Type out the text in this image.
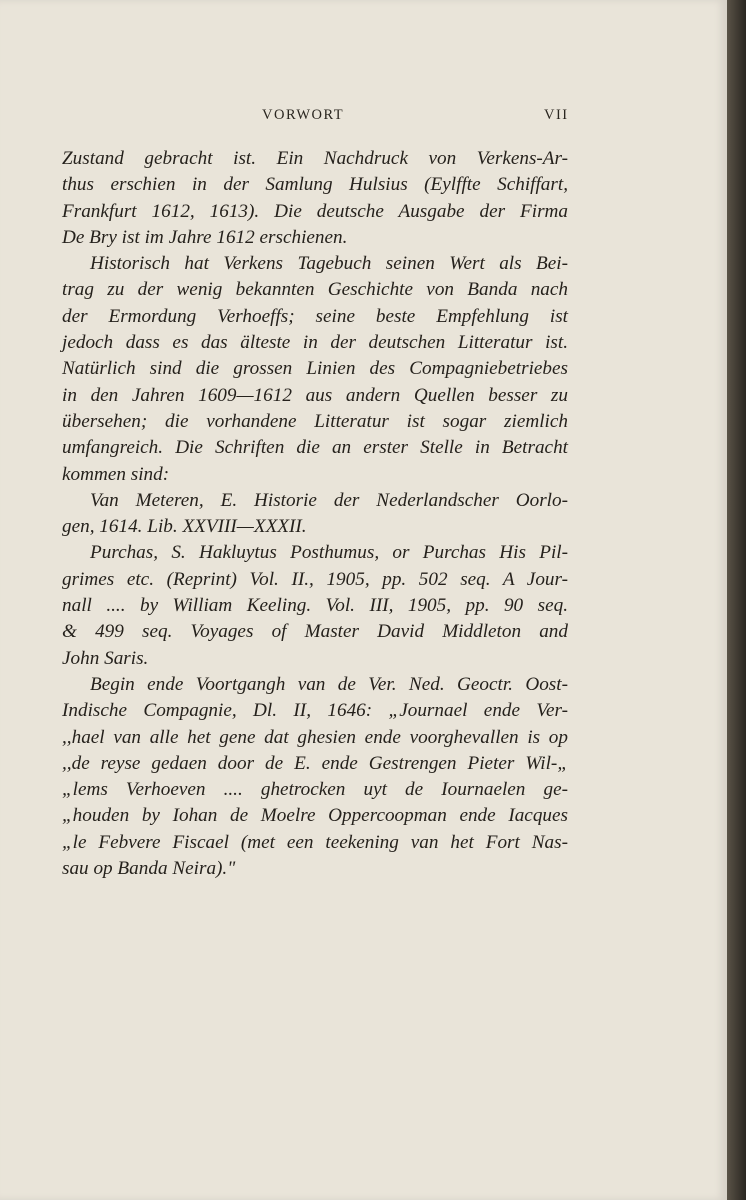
VORWORT	VII

Zustand gebracht ist. Ein Nachdruck von Verkens-Ar-
thus erschien in der Samlung Hulsius (Eylffte Schiffart,
Frankfurt 1612, 1613). Die deutsche Ausgabe der Firma
De Bry ist im Jahre 1612 erschienen.

Historisch hat Verkens Tagebuch seinen Wert als Bei-
trag zu der wenig bekannten Geschichte von Banda nach
der Ermordung Verhoeffs; seine beste Empfehlung ist
jedoch dass es das älteste in der deutschen Litteratur ist.
Natürlich sind die grossen Linien des Compagniebetriebes
in den Jahren 1609—1612 aus andern Quellen besser zu
übersehen; die vorhandene Litteratur ist sogar ziemlich
umfangreich. Die Schriften die an erster Stelle in Betracht
kommen sind:

Van Meteren, E. Historie der Nederlandscher Oorlo-
gen, 1614. Lib. XXVIII—XXXII.

Purchas, S. Hakluytus Posthumus, or Purchas His Pil-
grimes etc. (Reprint) Vol. II., 1905, pp. 502 seq. A Jour-
nall .... by William Keeling. Vol. III, 1905, pp. 90 seq.
& 499 seq. Voyages of Master David Middleton and
John Saris.

Begin ende Voortgangh van de Ver. Ned. Geoctr. Oost-
Indische Compagnie, Dl. II, 1646: „Journael ende Ver-
,,hael van alle het gene dat ghesien ende voorghevallen is op
,,de reyse gedaen door de E. ende Gestrengen Pieter Wil-„
„lems Verhoeven .... ghetrocken uyt de Iournaelen ge-
„houden by Iohan de Moelre Oppercoopman ende Iacques
„le Febvere Fiscael (met een teekening van het Fort Nas-
sau op Banda Neira)."
